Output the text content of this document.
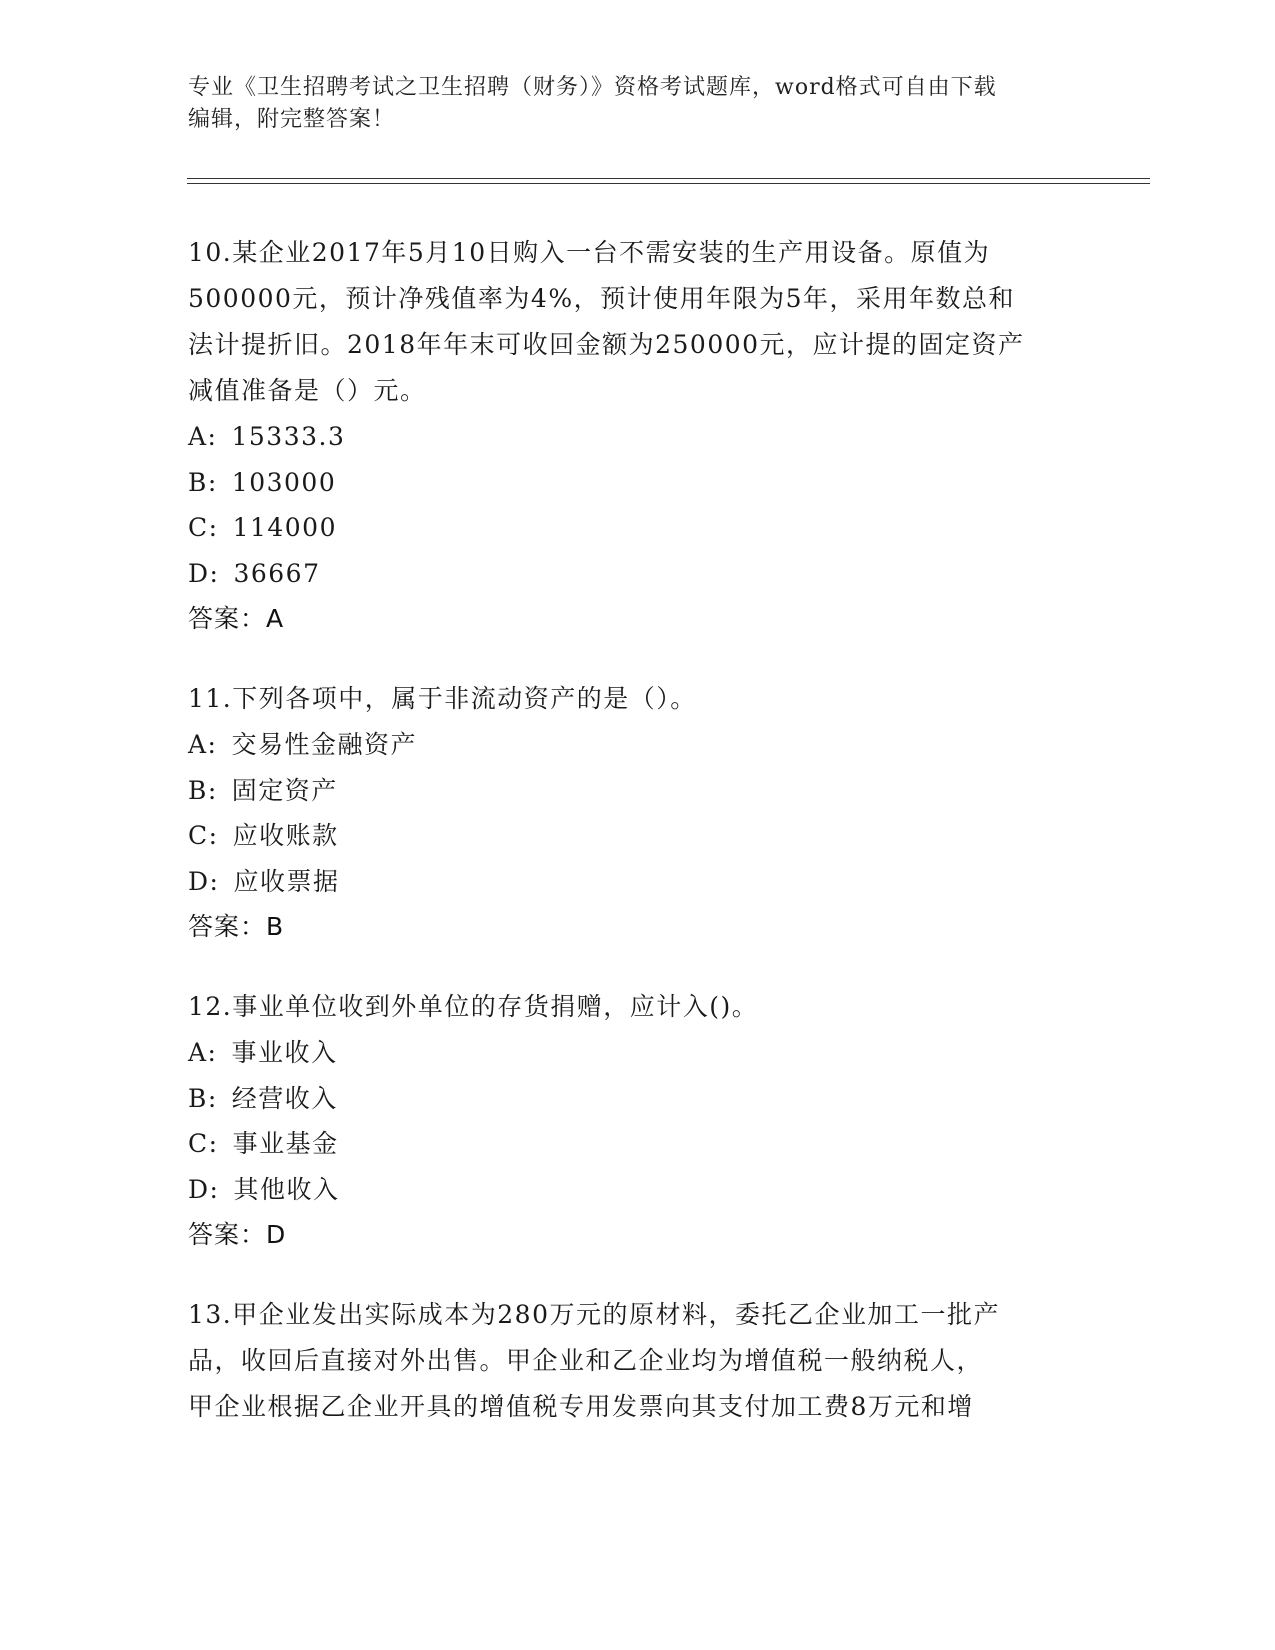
专业《卫生招聘考试之卫生招聘（财务）》资格考试题库，word格式可自由下载
编辑，附完整答案！
10.某企业2017年5月10日购入一台不需安装的生产用设备。原值为
500000元，预计净残值率为4%，预计使用年限为5年，采用年数总和
法计提折旧。2018年年末可收回金额为250000元，应计提的固定资产
减值准备是（）元。
A: 15333.3
B: 103000
C: 114000
D: 36667
答案：A
11.下列各项中，属于非流动资产的是（）。
A: 交易性金融资产
B: 固定资产
C: 应收账款
D: 应收票据
答案：B
12.事业单位收到外单位的存货捐赠，应计入()。
A: 事业收入
B: 经营收入
C: 事业基金
D: 其他收入
答案：D
13.甲企业发出实际成本为280万元的原材料，委托乙企业加工一批产
品，收回后直接对外出售。甲企业和乙企业均为增值税一般纳税人，
甲企业根据乙企业开具的增值税专用发票向其支付加工费8万元和增
